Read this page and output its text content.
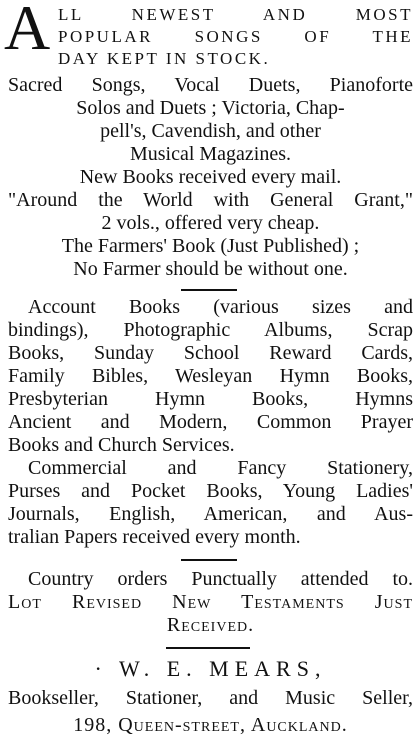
A LL NEWEST AND MOST
POPULAR SONGS OF THE
DAY KEPT IN STOCK.
Sacred Songs, Vocal Duets, Pianoforte
Solos and Duets ; Victoria, Chap-
pell's, Cavendish, and other
Musical Magazines.
New Books received every mail.
"Around the World with General Grant,"
2 vols., offered very cheap.
The Farmers' Book (Just Published) ;
No Farmer should be without one.
Account Books (various sizes and
bindings), Photographic Albums, Scrap
Books, Sunday School Reward Cards,
Family Bibles, Wesleyan Hymn Books,
Presbyterian Hymn Books, Hymns
Ancient and Modern, Common Prayer
Books and Church Services.
Commercial and Fancy Stationery,
Purses and Pocket Books, Young Ladies'
Journals, English, American, and Aus-
tralian Papers received every month.
Country orders Punctually attended to.
Lot Revised New Testaments Just
Received.
· W. E. MEARS,
Bookseller, Stationer, and Music Seller,
198, Queen-street, Auckland.
